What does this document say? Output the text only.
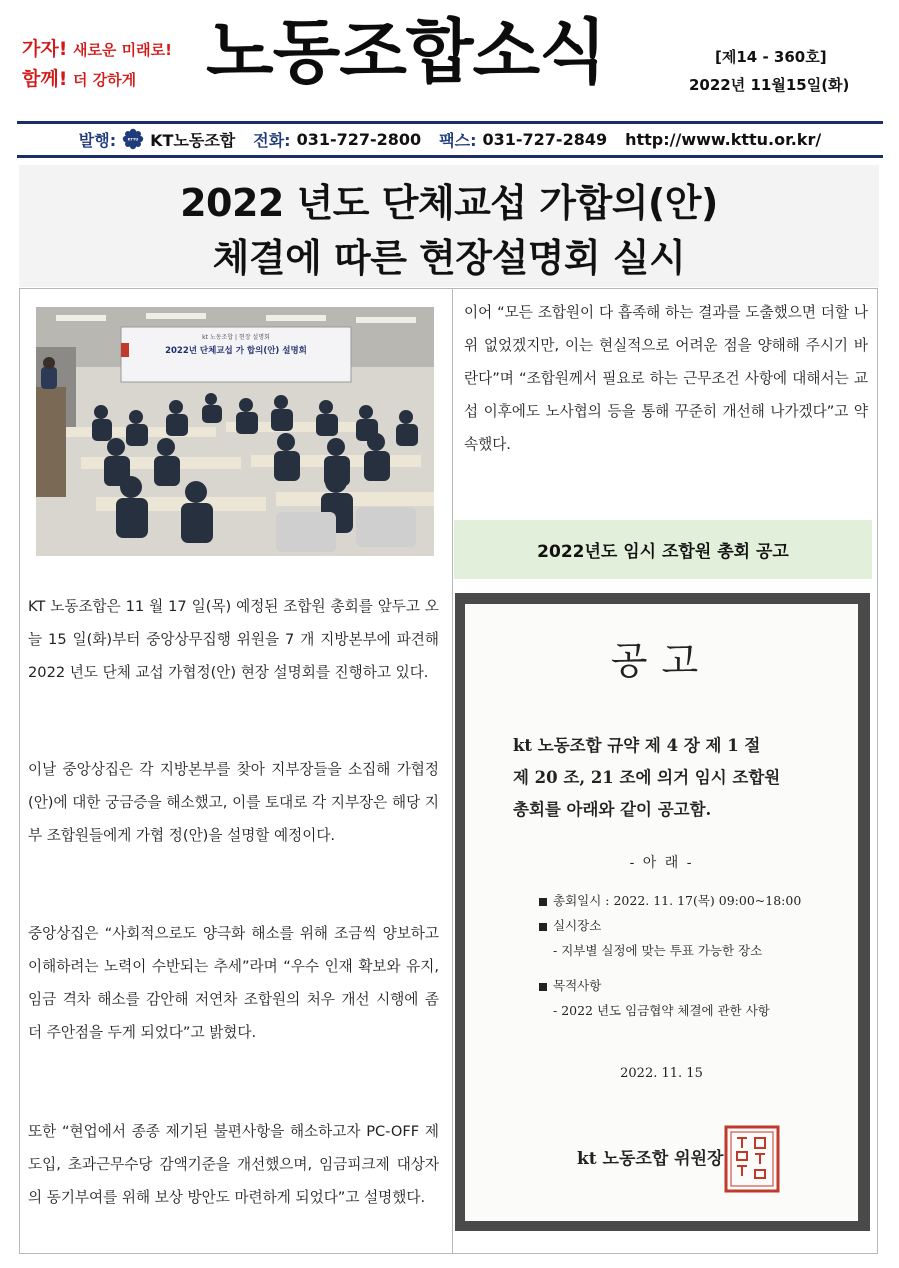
가자! 새로운 미래로!
함께! 더 강하게 노동조합소식	[제14 - 360호]
2022년 11월15일(화)
발행:	KTTU KT노동조합 전화: 031-727-2800 팩스: 031-727-2849 http://www.kttu.or.kr/
2022 년도 단체교섭 가합의(안)
체결에 따른 현장설명회 실시
kt 노동조합 | 현장 설명회
2022년 단체교섭 가 합의(안) 설명회
KT 노동조합은 11 월 17 일(목) 예정된 조합원 총회를 앞두고 오늘 15 일(화)부터 중앙상무집행 위원을 7 개 지방본부에 파견해 2022 년도 단체 교섭 가협정(안) 현장 설명회를 진행하고 있다.
이날 중앙상집은 각 지방본부를 찾아 지부장들을 소집해 가협정(안)에 대한 궁금증을 해소했고, 이를 토대로 각 지부장은 해당 지부 조합원들에게 가협 정(안)을 설명할 예정이다.
중앙상집은 “사회적으로도 양극화 해소를 위해 조금씩 양보하고 이해하려는 노력이 수반되는 추세”라며 “우수 인재 확보와 유지, 임금 격차 해소를 감안해 저연차 조합원의 처우 개선 시행에 좀 더 주안점을 두게 되었다”고 밝혔다.
또한 “현업에서 종종 제기된 불편사항을 해소하고자 PC-OFF 제 도입, 초과근무수당 감액기준을 개선했으며, 임금피크제 대상자의 동기부여를 위해 보상 방안도 마련하게 되었다”고 설명했다.
이어 “모든 조합원이 다 흡족해 하는 결과를 도출했으면 더할 나위 없었겠지만, 이는 현실적으로 어려운 점을 양해해 주시기 바란다”며 “조합원께서 필요로 하는 근무조건 사항에 대해서는 교섭 이후에도 노사협의 등을 통해 꾸준히 개선해 나가겠다”고 약속했다.
2022년도 임시 조합원 총회 공고
공고
kt 노동조합 규약 제 4 장 제 1 절
제 20 조, 21 조에 의거 임시 조합원
총회를 아래와 같이 공고함.
- 아 래 -
총회일시 : 2022. 11. 17(목) 09:00~18:00
실시장소
- 지부별 실정에 맞는 투표 가능한 장소
목적사항
- 2022 년도 임금협약 체결에 관한 사항
2022. 11. 15
kt 노동조합 위원장
